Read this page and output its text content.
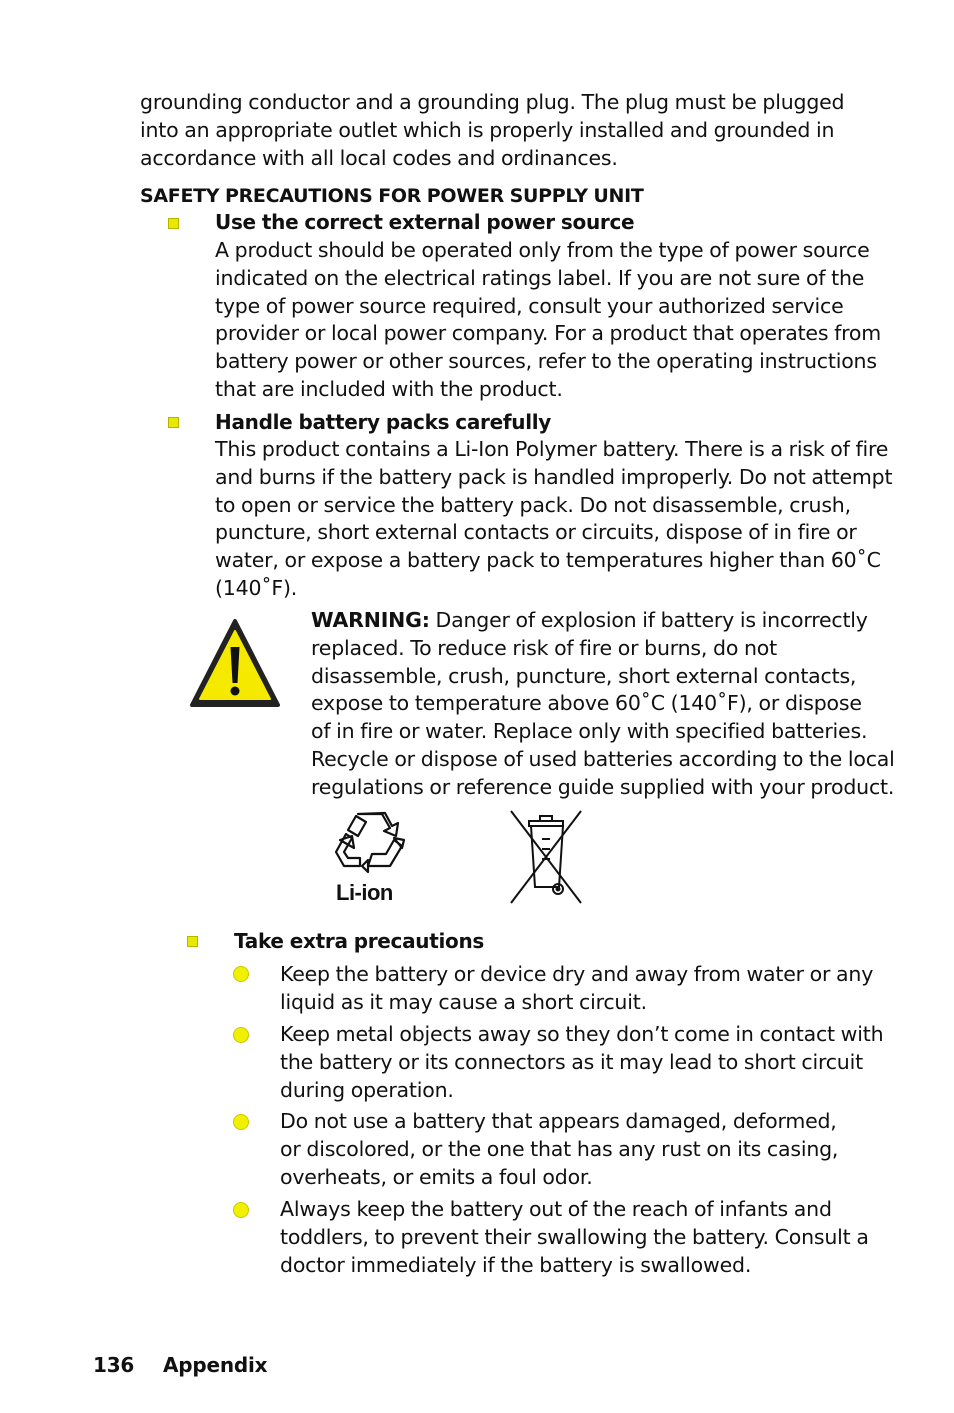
grounding conductor and a grounding plug. The plug must be plugged
into an appropriate outlet which is properly installed and grounded in
accordance with all local codes and ordinances.
SAFETY PRECAUTIONS FOR POWER SUPPLY UNIT
Use the correct external power source
A product should be operated only from the type of power source
indicated on the electrical ratings label. If you are not sure of the
type of power source required, consult your authorized service
provider or local power company. For a product that operates from
battery power or other sources, refer to the operating instructions
that are included with the product.
Handle battery packs carefully
This product contains a Li-Ion Polymer battery. There is a risk of fire
and burns if the battery pack is handled improperly. Do not attempt
to open or service the battery pack. Do not disassemble, crush,
puncture, short external contacts or circuits, dispose of in fire or
water, or expose a battery pack to temperatures higher than 60˚C
(140˚F).
WARNING: Danger of explosion if battery is incorrectly
replaced. To reduce risk of fire or burns, do not
disassemble, crush, puncture, short external contacts,
expose to temperature above 60˚C (140˚F), or dispose
of in fire or water. Replace only with specified batteries.
Recycle or dispose of used batteries according to the local
regulations or reference guide supplied with your product.
Li-ion
Take extra precautions
Keep the battery or device dry and away from water or any
liquid as it may cause a short circuit.
Keep metal objects away so they don’t come in contact with
the battery or its connectors as it may lead to short circuit
during operation.
Do not use a battery that appears damaged, deformed,
or discolored, or the one that has any rust on its casing,
overheats, or emits a foul odor.
Always keep the battery out of the reach of infants and
toddlers, to prevent their swallowing the battery. Consult a
doctor immediately if the battery is swallowed.
136 Appendix
